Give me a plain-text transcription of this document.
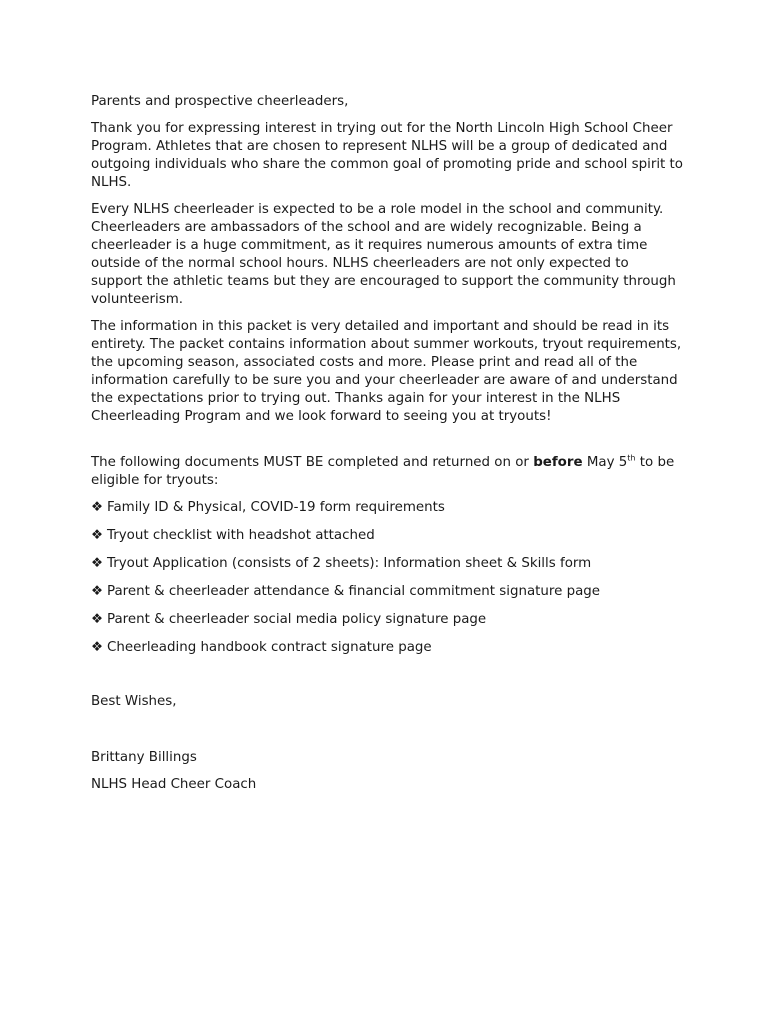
Parents and prospective cheerleaders,

Thank you for expressing interest in trying out for the North Lincoln High School Cheer Program. Athletes that are chosen to represent NLHS will be a group of dedicated and outgoing individuals who share the common goal of promoting pride and school spirit to NLHS.

Every NLHS cheerleader is expected to be a role model in the school and community. Cheerleaders are ambassadors of the school and are widely recognizable. Being a cheerleader is a huge commitment, as it requires numerous amounts of extra time outside of the normal school hours. NLHS cheerleaders are not only expected to support the athletic teams but they are encouraged to support the community through volunteerism.

The information in this packet is very detailed and important and should be read in its entirety. The packet contains information about summer workouts, tryout requirements, the upcoming season, associated costs and more. Please print and read all of the information carefully to be sure you and your cheerleader are aware of and understand the expectations prior to trying out. Thanks again for your interest in the NLHS Cheerleading Program and we look forward to seeing you at tryouts!

The following documents MUST BE completed and returned on or before May 5th to be eligible for tryouts:

❖ Family ID & Physical, COVID-19 form requirements
❖ Tryout checklist with headshot attached
❖ Tryout Application (consists of 2 sheets): Information sheet & Skills form
❖ Parent & cheerleader attendance & financial commitment signature page
❖ Parent & cheerleader social media policy signature page
❖ Cheerleading handbook contract signature page

Best Wishes,

Brittany Billings

NLHS Head Cheer Coach
